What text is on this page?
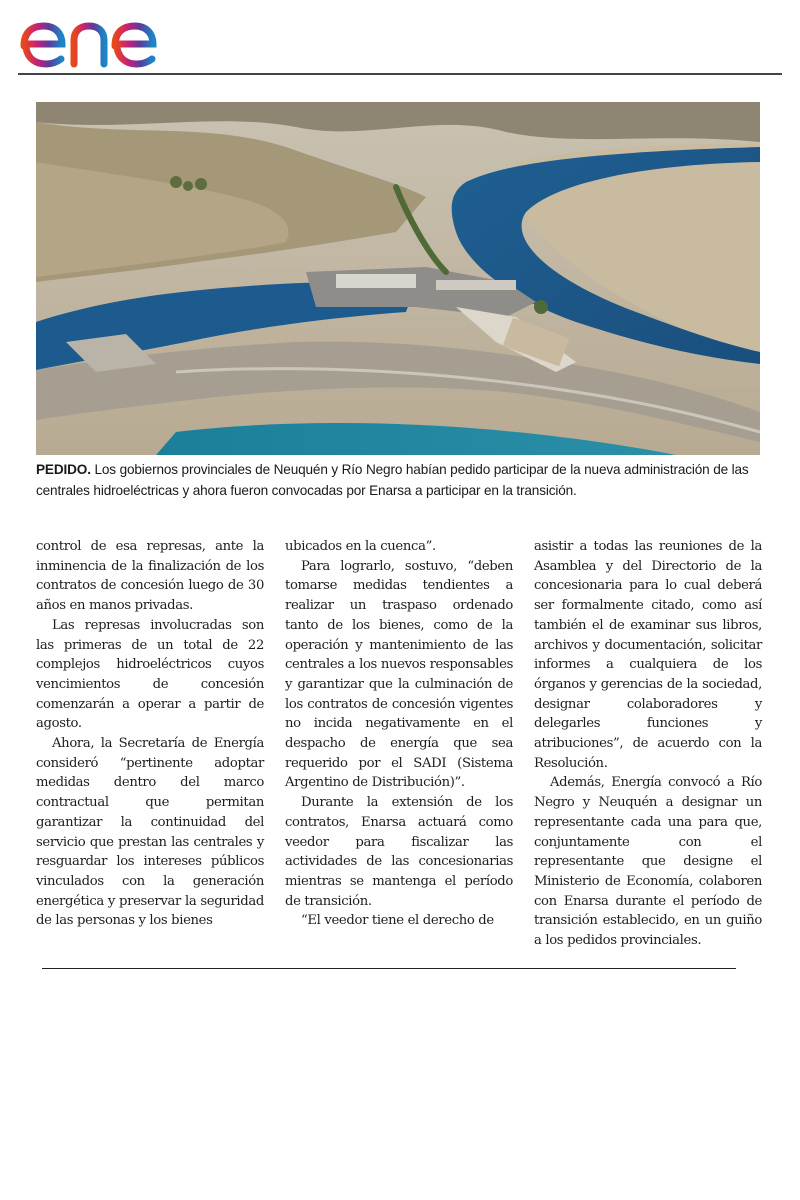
PEDIDO. Los gobiernos provinciales de Neuquén y Río Negro habían pedido participar de la nueva administración de las centrales hidroeléctricas y ahora fueron convocadas por Enarsa a participar en la transición.

control de esa represas, ante la inminencia de la finalización de los contratos de concesión luego de 30 años en manos privadas.

Las represas involucradas son las primeras de un total de 22 complejos hidroeléctricos cuyos vencimientos de concesión comenzarán a operar a partir de agosto.

Ahora, la Secretaría de Energía consideró “pertinente adoptar medidas dentro del marco contractual que permitan garantizar la continuidad del servicio que prestan las centrales y resguardar los intereses públicos vinculados con la generación energética y preservar la seguridad de las personas y los bienes

ubicados en la cuenca”.

Para lograrlo, sostuvo, “deben tomarse medidas tendientes a realizar un traspaso ordenado tanto de los bienes, como de la operación y mantenimiento de las centrales a los nuevos responsables y garantizar que la culminación de los contratos de concesión vigentes no incida negativamente en el despacho de energía que sea requerido por el SADI (Sistema Argentino de Distribución)”.

Durante la extensión de los contratos, Enarsa actuará como veedor para fiscalizar las actividades de las concesionarias mientras se mantenga el período de transición.

“El veedor tiene el derecho de

asistir a todas las reuniones de la Asamblea y del Directorio de la concesionaria para lo cual deberá ser formalmente citado, como así también el de examinar sus libros, archivos y documentación, solicitar informes a cualquiera de los órganos y gerencias de la sociedad, designar colaboradores y delegarles funciones y atribuciones”, de acuerdo con la Resolución.

Además, Energía convocó a Río Negro y Neuquén a designar un representante cada una para que, conjuntamente con el representante que designe el Ministerio de Economía, colaboren con Enarsa durante el período de transición establecido, en un guiño a los pedidos provinciales.
